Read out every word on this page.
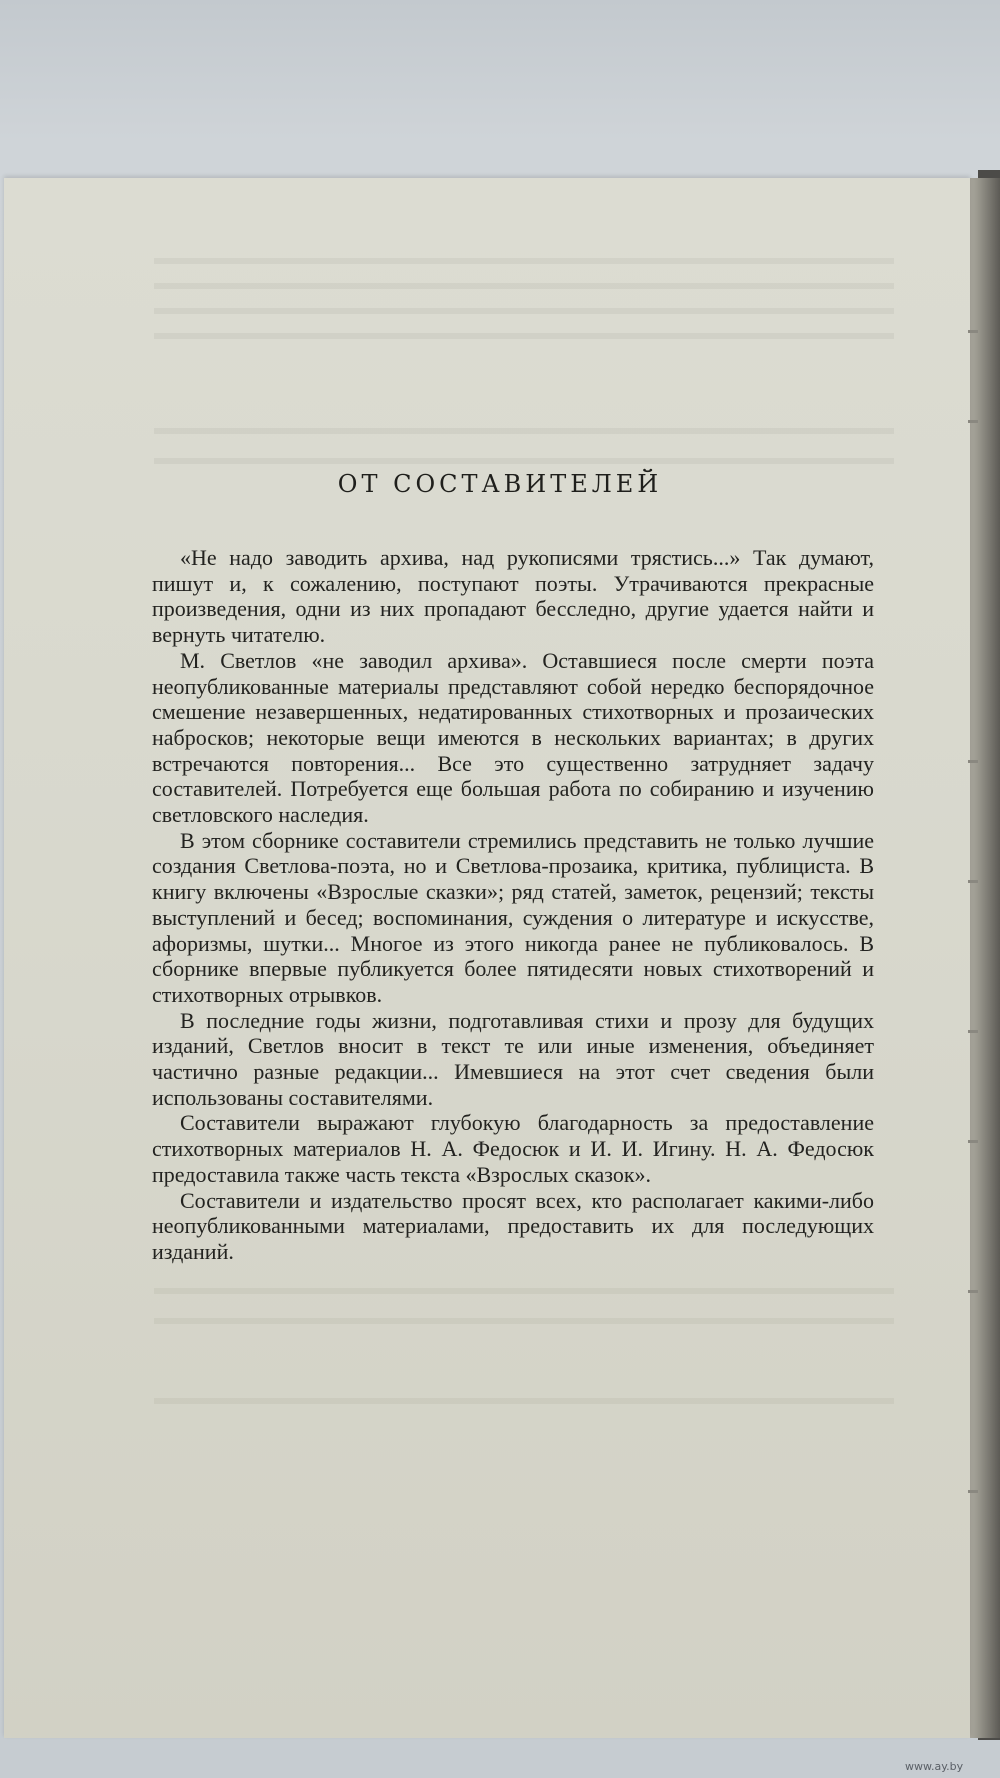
ОТ СОСТАВИТЕЛЕЙ

«Не надо заводить архива, над рукописями трястись...» Так думают, пишут и, к сожалению, поступают поэты. Утрачиваются прекрасные произведения, одни из них пропадают бесследно, другие удается найти и вернуть читателю.

М. Светлов «не заводил архива». Оставшиеся после смерти поэта неопубликованные материалы представляют собой нередко беспорядочное смешение незавершенных, недатированных стихотворных и прозаических набросков; некоторые вещи имеются в нескольких вариантах; в других встречаются повторения... Все это существенно затрудняет задачу составителей. Потребуется еще большая работа по собиранию и изучению светловского наследия.

В этом сборнике составители стремились представить не только лучшие создания Светлова-поэта, но и Светлова-прозаика, критика, публициста. В книгу включены «Взрослые сказки»; ряд статей, заметок, рецензий; тексты выступлений и бесед; воспоминания, суждения о литературе и искусстве, афоризмы, шутки... Многое из этого никогда ранее не публиковалось. В сборнике впервые публикуется более пятидесяти новых стихотворений и стихотворных отрывков.

В последние годы жизни, подготавливая стихи и прозу для будущих изданий, Светлов вносит в текст те или иные изменения, объединяет частично разные редакции... Имевшиеся на этот счет сведения были использованы составителями.

Составители выражают глубокую благодарность за предоставление стихотворных материалов Н. А. Федосюк и И. И. Игину. Н. А. Федосюк предоставила также часть текста «Взрослых сказок».

Составители и издательство просят всех, кто располагает какими-либо неопубликованными материалами, предоставить их для последующих изданий.

www.ay.by
